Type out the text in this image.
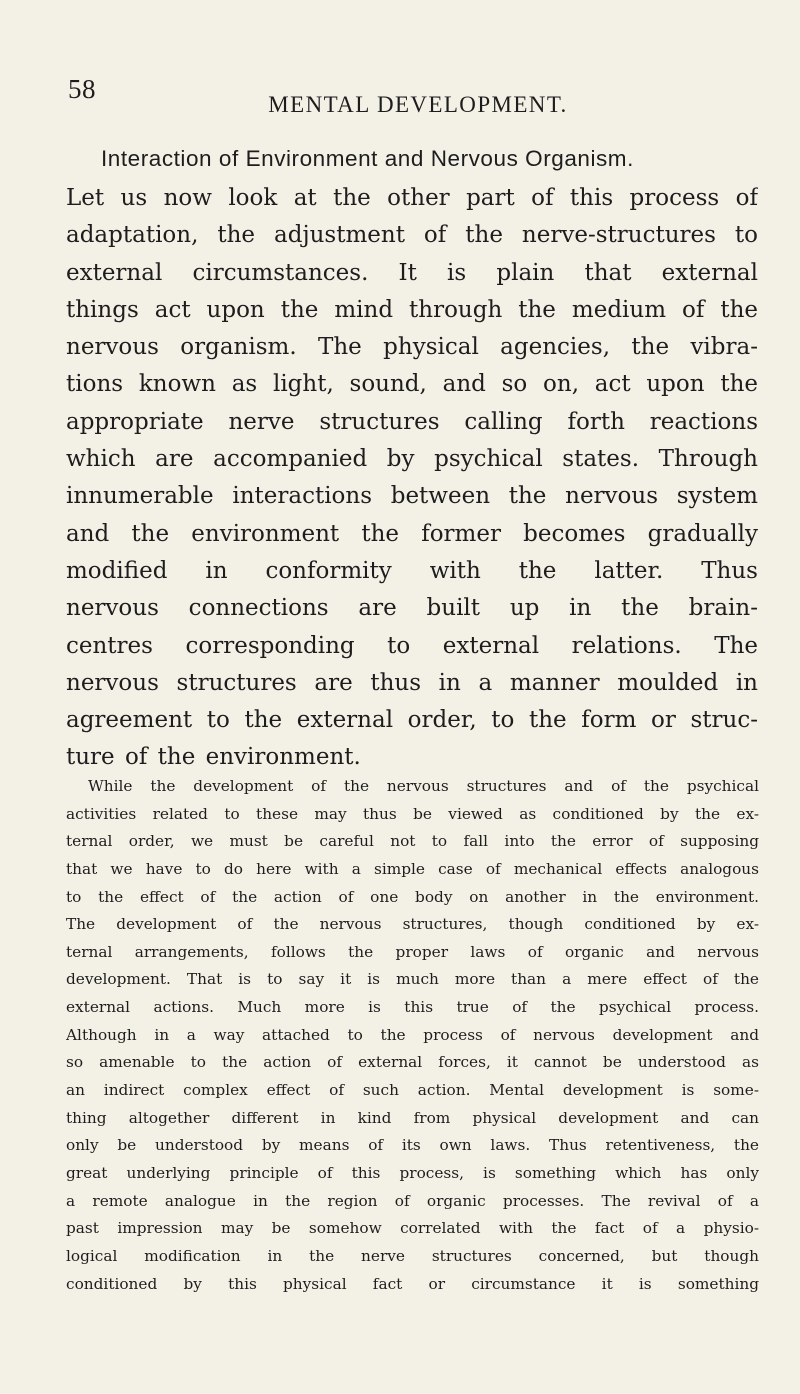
58
MENTAL DEVELOPMENT.
Interaction of Environment and Nervous Organism.
Let us now look at the other part of this process of
adaptation, the adjustment of the nerve-structures to
external circumstances. It is plain that external
things act upon the mind through the medium of the
nervous organism. The physical agencies, the vibra-
tions known as light, sound, and so on, act upon the
appropriate nerve structures calling forth reactions
which are accompanied by psychical states. Through
innumerable interactions between the nervous system
and the environment the former becomes gradually
modified in conformity with the latter. Thus
nervous connections are built up in the brain-
centres corresponding to external relations. The
nervous structures are thus in a manner moulded in
agreement to the external order, to the form or struc-
ture of the environment.
While the development of the nervous structures and of the psychical
activities related to these may thus be viewed as conditioned by the ex-
ternal order, we must be careful not to fall into the error of supposing
that we have to do here with a simple case of mechanical effects analogous
to the effect of the action of one body on another in the environment.
The development of the nervous structures, though conditioned by ex-
ternal arrangements, follows the proper laws of organic and nervous
development. That is to say it is much more than a mere effect of the
external actions. Much more is this true of the psychical process.
Although in a way attached to the process of nervous development and
so amenable to the action of external forces, it cannot be understood as
an indirect complex effect of such action. Mental development is some-
thing altogether different in kind from physical development and can
only be understood by means of its own laws. Thus retentiveness, the
great underlying principle of this process, is something which has only
a remote analogue in the region of organic processes. The revival of a
past impression may be somehow correlated with the fact of a physio-
logical modification in the nerve structures concerned, but though
conditioned by this physical fact or circumstance it is something
